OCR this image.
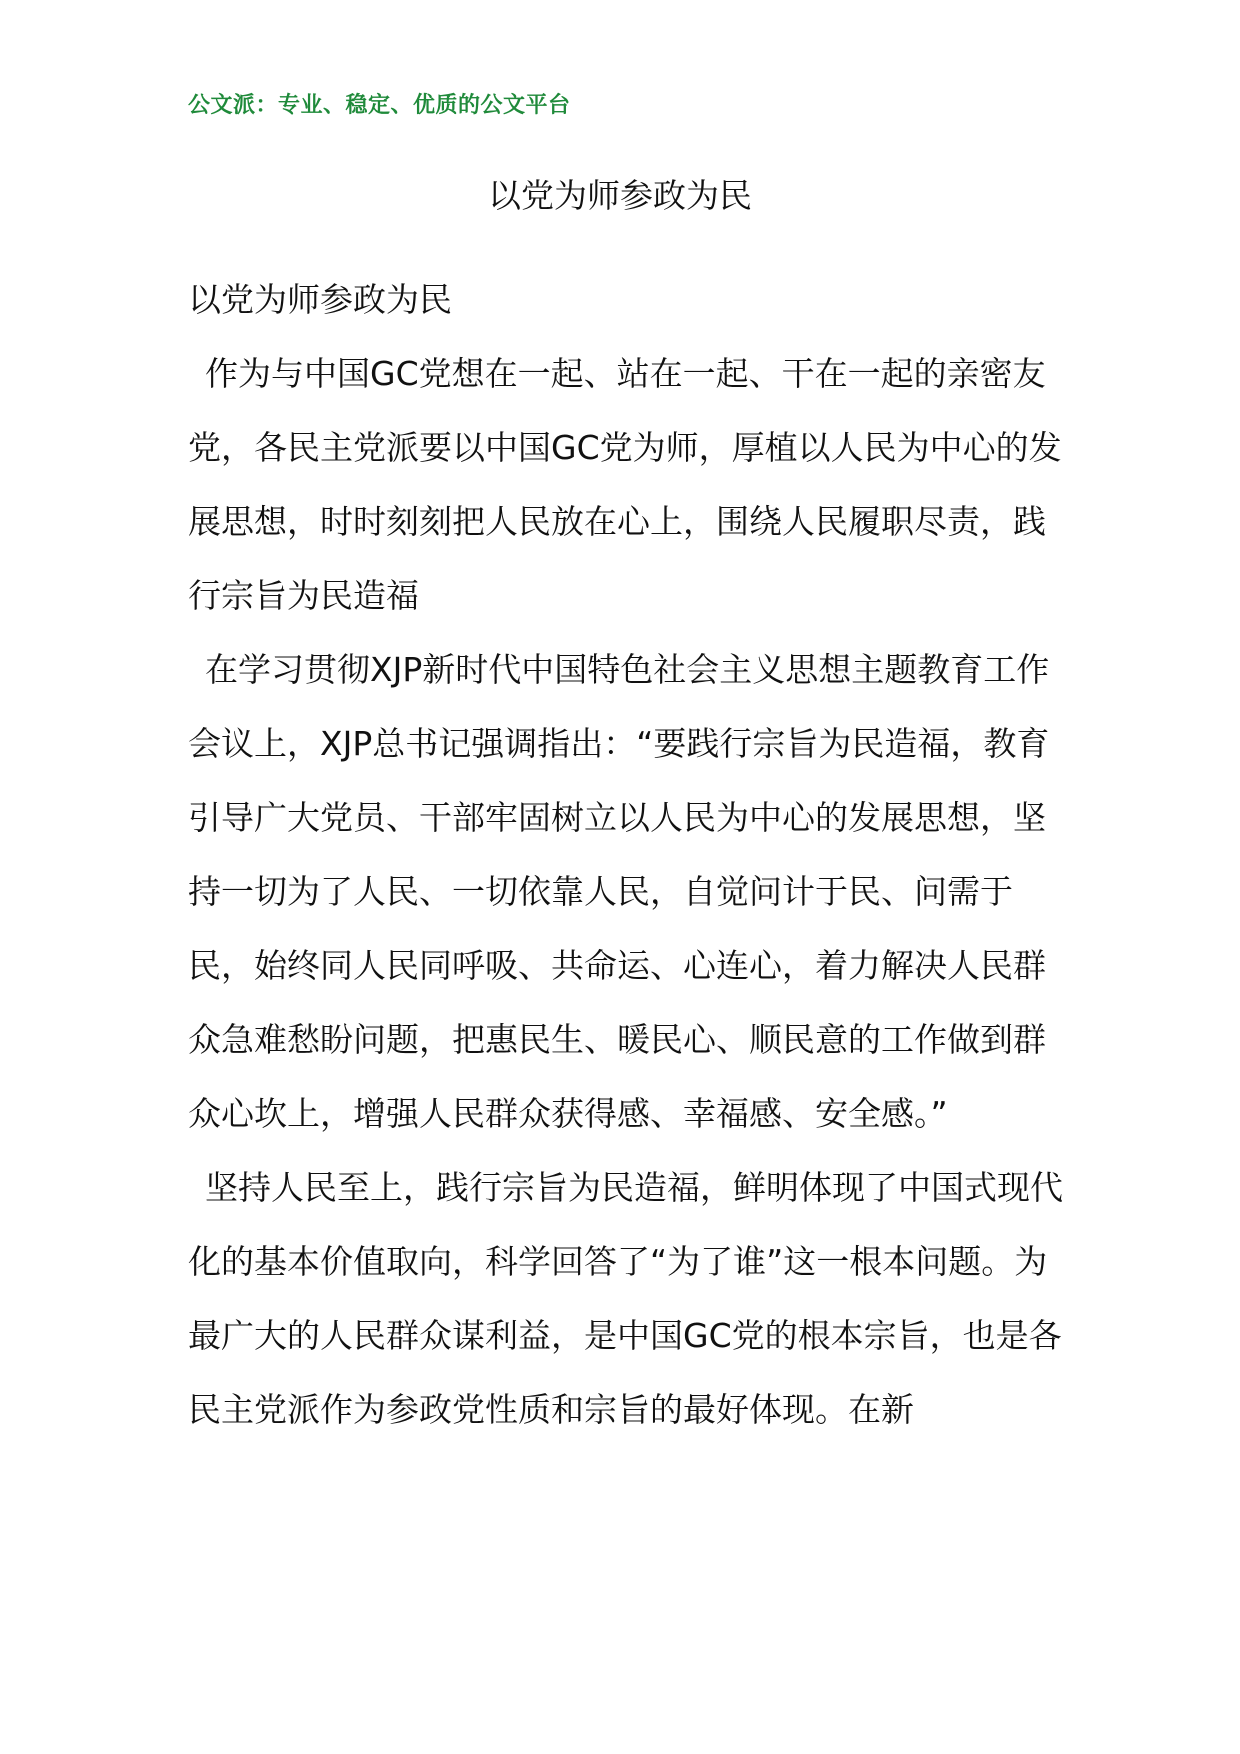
公文派：专业、稳定、优质的公文平台
以党为师参政为民

以党为师参政为民

作为与中国GC党想在一起、站在一起、干在一起的亲密友党，各民主党派要以中国GC党为师，厚植以人民为中心的发展思想，时时刻刻把人民放在心上，围绕人民履职尽责，践行宗旨为民造福

在学习贯彻XJP新时代中国特色社会主义思想主题教育工作会议上，XJP总书记强调指出：“要践行宗旨为民造福，教育引导广大党员、干部牢固树立以人民为中心的发展思想，坚持一切为了人民、一切依靠人民，自觉问计于民、问需于民，始终同人民同呼吸、共命运、心连心，着力解决人民群众急难愁盼问题，把惠民生、暖民心、顺民意的工作做到群众心坎上，增强人民群众获得感、幸福感、安全感。”

坚持人民至上，践行宗旨为民造福，鲜明体现了中国式现代化的基本价值取向，科学回答了“为了谁”这一根本问题。为最广大的人民群众谋利益，是中国GC党的根本宗旨，也是各民主党派作为参政党性质和宗旨的最好体现。在新
